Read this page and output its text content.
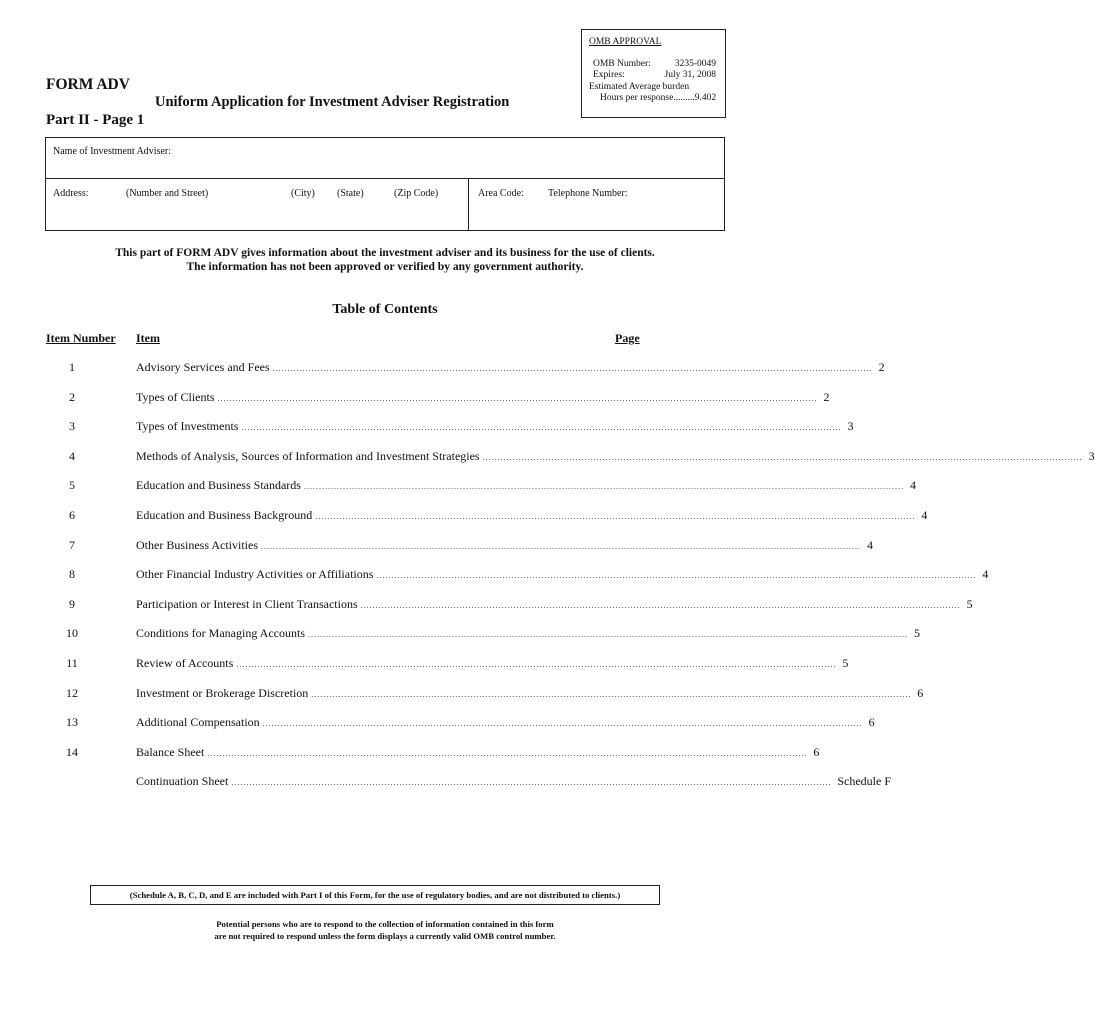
OMB APPROVAL
OMB Number:	3235-0049
Expires:	July 31, 2008
Estimated Average burden
Hours per response.........9.402
FORM ADV
Uniform Application for Investment Adviser Registration
Part II - Page 1
Name of Investment Adviser:
Address:	(Number and Street)	(City) (State)	(Zip Code)	Area Code: Telephone Number:
This part of FORM ADV gives information about the investment adviser and its business for the use of clients.
The information has not been approved or verified by any government authority.
Table of Contents
Item Number Item	Page
1	Advisory Services and Fees ........................................................................................................................................................................................................ 2
2	Types of Clients ........................................................................................................................................................................................................ 2
3	Types of Investments ........................................................................................................................................................................................................ 3
4	Methods of Analysis, Sources of Information and Investment Strategies ........................................................................................................................................................................................................ 3
5	Education and Business Standards ........................................................................................................................................................................................................ 4
6	Education and Business Background ........................................................................................................................................................................................................ 4
7	Other Business Activities ........................................................................................................................................................................................................ 4
8	Other Financial Industry Activities or Affiliations ........................................................................................................................................................................................................ 4
9	Participation or Interest in Client Transactions ........................................................................................................................................................................................................ 5
10	Conditions for Managing Accounts ........................................................................................................................................................................................................ 5
11	Review of Accounts ........................................................................................................................................................................................................ 5
12	Investment or Brokerage Discretion ........................................................................................................................................................................................................ 6
13	Additional Compensation ........................................................................................................................................................................................................ 6
14	Balance Sheet ........................................................................................................................................................................................................ 6
Continuation Sheet ........................................................................................................................................................................................................ Schedule F
(Schedule A, B, C, D, and E are included with Part I of this Form, for the use of regulatory bodies, and are not distributed to clients.)
Potential persons who are to respond to the collection of information contained in this form
are not required to respond unless the form displays a currently valid OMB control number.
